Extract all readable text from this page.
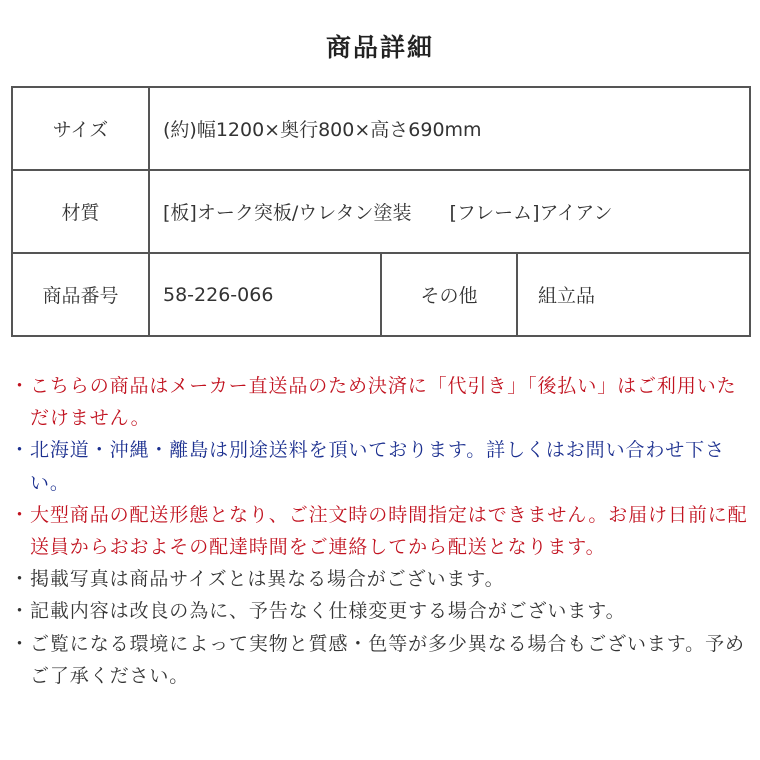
商品詳細
サイズ	(約)幅1200×奥行800×高さ690mm		
材質	[板]オーク突板/ウレタン塗装　　[フレーム]アイアン		
商品番号	58-226-066	その他	組立品
・ こちらの商品はメーカー直送品のため決済に「代引き」「後払い」はご利用いただけません。
・ 北海道・沖縄・離島は別途送料を頂いております。詳しくはお問い合わせ下さい。
・ 大型商品の配送形態となり、ご注文時の時間指定はできません。お届け日前に配送員からおおよその配達時間をご連絡してから配送となります。
・ 掲載写真は商品サイズとは異なる場合がございます。
・ 記載内容は改良の為に、予告なく仕様変更する場合がございます。
・ ご覧になる環境によって実物と質感・色等が多少異なる場合もございます。予めご了承ください。
